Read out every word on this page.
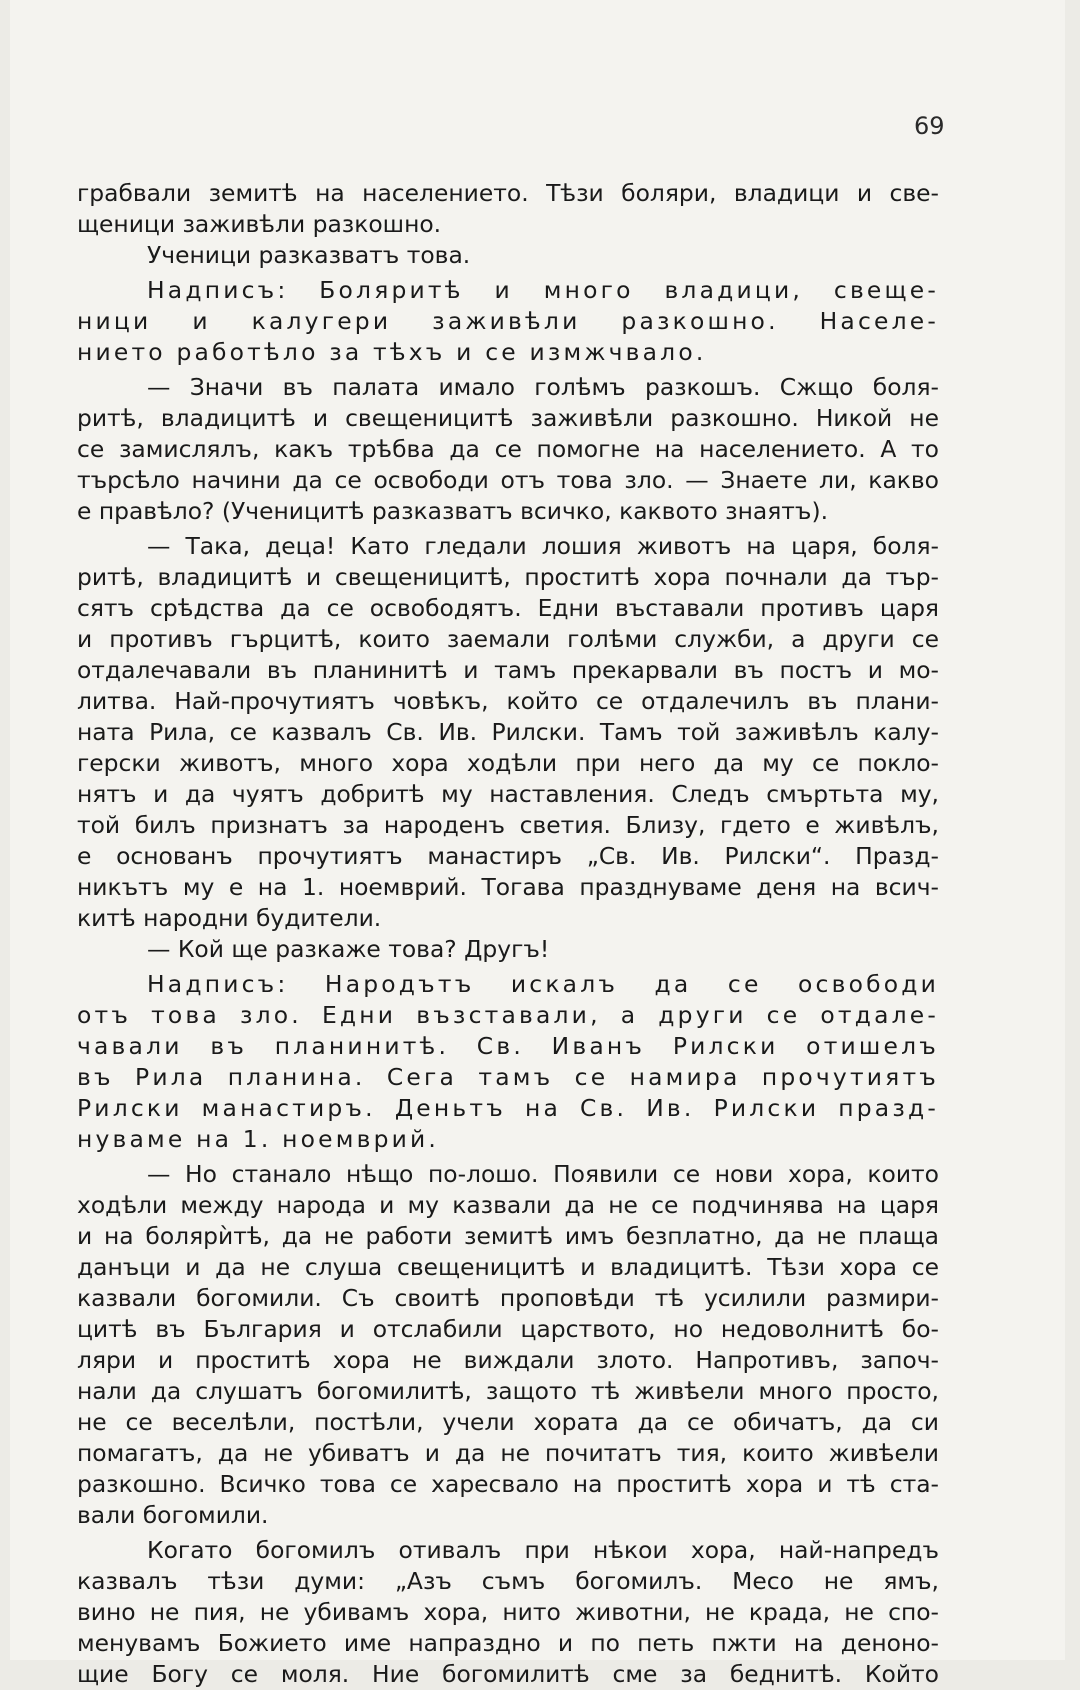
69
грабвали земитѣ на населението. Тѣзи боляри, владици и све-
щеници заживѣли разкошно.
Ученици разказватъ това.
Надписъ: Боляритѣ и много владици, свеще-
ници и калугери заживѣли разкошно. Населе-
нието работѣло за тѣхъ и се измжчвало.
— Значи въ палата имало голѣмъ разкошъ. Сжщо боля-
ритѣ, владицитѣ и свещеницитѣ заживѣли разкошно. Никой не
се замислялъ, какъ трѣбва да се помогне на населението. А то
търсѣло начини да се освободи отъ това зло. — Знаете ли, какво
е правѣло? (Ученицитѣ разказватъ всичко, каквото знаятъ).
— Така, деца! Като гледали лошия животъ на царя, боля-
ритѣ, владицитѣ и свещеницитѣ, проститѣ хора почнали да тър-
сятъ срѣдства да се освободятъ. Едни въставали противъ царя
и противъ гърцитѣ, които заемали голѣми служби, а други се
отдалечавали въ планинитѣ и тамъ прекарвали въ постъ и мо-
литва. Най-прочутиятъ човѣкъ, който се отдалечилъ въ плани-
ната Рила, се казвалъ Св. Ив. Рилски. Тамъ той заживѣлъ калу-
герски животъ, много хора ходѣли при него да му се покло-
нятъ и да чуятъ добритѣ му наставления. Следъ смъртьта му,
той билъ признатъ за народенъ светия. Близу, гдето е живѣлъ,
е основанъ прочутиятъ манастиръ „Св. Ив. Рилски“. Празд-
никътъ му е на 1. ноемврий. Тогава празднуваме деня на всич-
китѣ народни будители.
— Кой ще разкаже това? Другъ!
Надписъ: Народътъ искалъ да се освободи
отъ това зло. Едни възставали, а други се отдале-
чавали въ планинитѣ. Св. Иванъ Рилски отишелъ
въ Рила планина. Сега тамъ се намира прочутиятъ
Рилски манастиръ. Деньтъ на Св. Ив. Рилски празд-
нуваме на 1. ноемврий.
— Но станало нѣщо по-лошо. Появили се нови хора, които
ходѣли между народа и му казвали да не се подчинява на царя
и на болярѝтѣ, да не работи земитѣ имъ безплатно, да не плаща
данъци и да не слуша свещеницитѣ и владицитѣ. Тѣзи хора се
казвали богомили. Съ своитѣ проповѣди тѣ усилили размири-
цитѣ въ България и отслабили царството, но недоволнитѣ бо-
ляри и проститѣ хора не виждали злото. Напротивъ, започ-
нали да слушатъ богомилитѣ, защото тѣ живѣели много просто,
не се веселѣли, постѣли, учели хората да се обичатъ, да си
помагатъ, да не убиватъ и да не почитатъ тия, които живѣели
разкошно. Всичко това се харесвало на проститѣ хора и тѣ ста-
вали богомили.
Когато богомилъ отивалъ при нѣкои хора, най-напредъ
казвалъ тѣзи думи: „Азъ съмъ богомилъ. Месо не ямъ,
вино не пия, не убивамъ хора, нито животни, не крада, не спо-
менувамъ Божието име напраздно и по петь пжти на деноно-
щие Богу се моля. Ние богомилитѣ сме за беднитѣ. Който
